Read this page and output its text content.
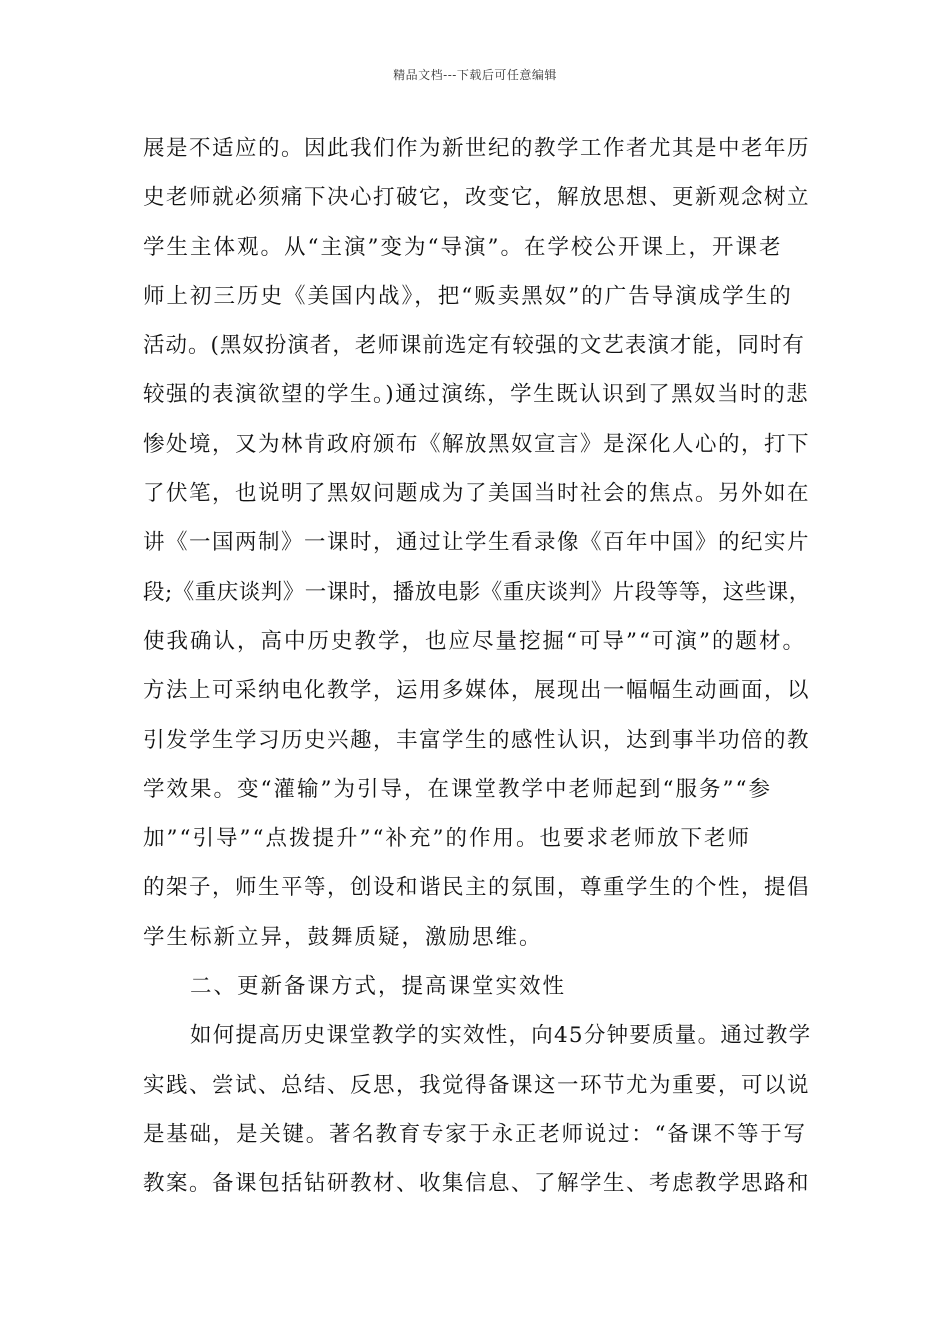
精品文档---下载后可任意编辑
展是不适应的。因此我们作为新世纪的教学工作者尤其是中老年历
史老师就必须痛下决心打破它，改变它，解放思想、更新观念树立
学生主体观。从“主演”变为“导演”。在学校公开课上，开课老
师上初三历史《美国内战》，把“贩卖黑奴”的广告导演成学生的
活动。(黑奴扮演者，老师课前选定有较强的文艺表演才能，同时有
较强的表演欲望的学生。)通过演练，学生既认识到了黑奴当时的悲
惨处境，又为林肯政府颁布《解放黑奴宣言》是深化人心的，打下
了伏笔，也说明了黑奴问题成为了美国当时社会的焦点。另外如在
讲《一国两制》一课时，通过让学生看录像《百年中国》的纪实片
段;《重庆谈判》一课时，播放电影《重庆谈判》片段等等，这些课，
使我确认，高中历史教学，也应尽量挖掘“可导”“可演”的题材。
方法上可采纳电化教学，运用多媒体，展现出一幅幅生动画面，以
引发学生学习历史兴趣，丰富学生的感性认识，达到事半功倍的教
学效果。变“灌输”为引导，在课堂教学中老师起到“服务”“参
加”“引导”“点拨提升”“补充”的作用。也要求老师放下老师
的架子，师生平等，创设和谐民主的氛围，尊重学生的个性，提倡
学生标新立异，鼓舞质疑，激励思维。
二、更新备课方式，提高课堂实效性
如何提高历史课堂教学的实效性，向45分钟要质量。通过教学
实践、尝试、总结、反思，我觉得备课这一环节尤为重要，可以说
是基础，是关键。著名教育专家于永正老师说过：“备课不等于写
教案。备课包括钻研教材、收集信息、了解学生、考虑教学思路和
